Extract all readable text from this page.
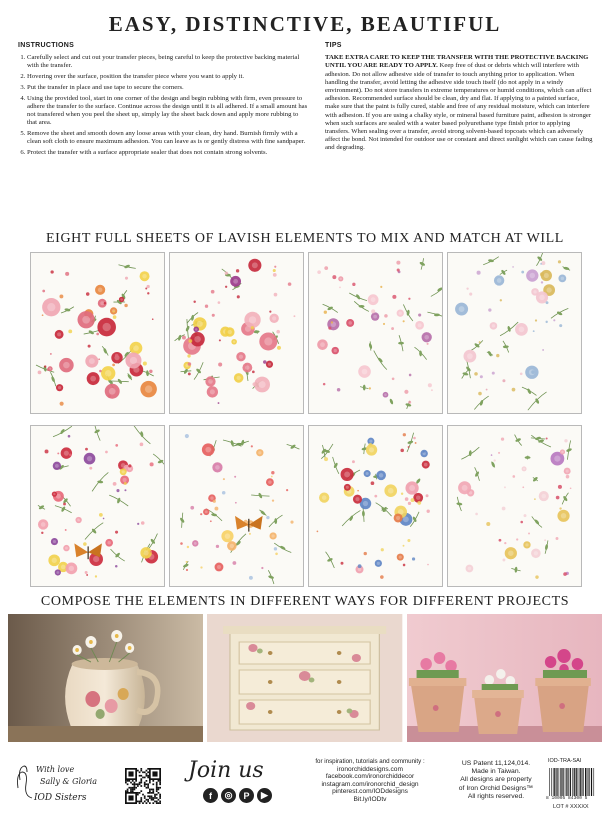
EASY, DISTINCTIVE, BEAUTIFUL
INSTRUCTIONS
1. Carefully select and cut out your transfer pieces, being careful to keep the protective backing material with the transfer.
2. Hovering over the surface, position the transfer piece where you want to apply it.
3. Put the transfer in place and use tape to secure the corners.
4. Using the provided tool, start in one corner of the design and begin rubbing with firm, even pressure to adhere the transfer to the surface. Continue across the design until it is all adhered. If a small amount has not transfered when you peel the sheet up, simply lay the sheet back down and apply more rubbing to that area.
5. Remove the sheet and smooth down any loose areas with your clean, dry hand. Burnish firmly with a clean soft cloth to ensure maximum adhesion. You can leave as is or gently distress with fine sandpaper.
6. Protect the transfer with a surface appropriate sealer that does not contain strong solvents.
TIPS

TAKE EXTRA CARE TO KEEP THE TRANSFER WITH THE PROTECTIVE BACKING UNTIL YOU ARE READY TO APPLY. Keep free of dust or debris which will interfere with adhesion. Do not allow adhesive side of transfer to touch anything prior to application. When handling the transfer, avoid letting the adhesive side touch itself (do not apply in a windy environment). Do not store transfers in extreme temperatures or humid conditions, which can affect adhesion. Recommended surface should be clean, dry and flat. If applying to a painted surface, make sure that the paint is fully cured, stable and free of any residual moisture, which can interfere with adhesion. If you are using a chalky style, or mineral based furniture paint, adhesion is stronger when such surfaces are sealed with a water based polyurethane type finish prior to applying transfers. When sealing over a transfer, avoid strong solvent-based topcoats which can adversely affect the bond. Not intended for outdoor use or constant and direct sunlight which can cause fading and degrading.

EIGHT FULL SHEETS OF LAVISH ELEMENTS TO MIX AND MATCH AT WILL
COMPOSE THE ELEMENTS IN DIFFERENT WAYS FOR DIFFERENT PROJECTS
With love
Sally & Gloria
IOD Sisters
Join us
f	◎	P	▶
for inspiration, tutorials and community :
ironorchiddesigns.com
facebook.com/ironorchiddecor
instagram.com/ironorchid_design
pinterest.com/IODdesigns
Bit.ly/IODtv
US Patent 11,124,014.
Made in Taiwan.
All designs are property
of Iron Orchid Designs™
All rights reserved.
IOD-TRA-SAI
8 10005 84300 5
LOT # XXXXX
